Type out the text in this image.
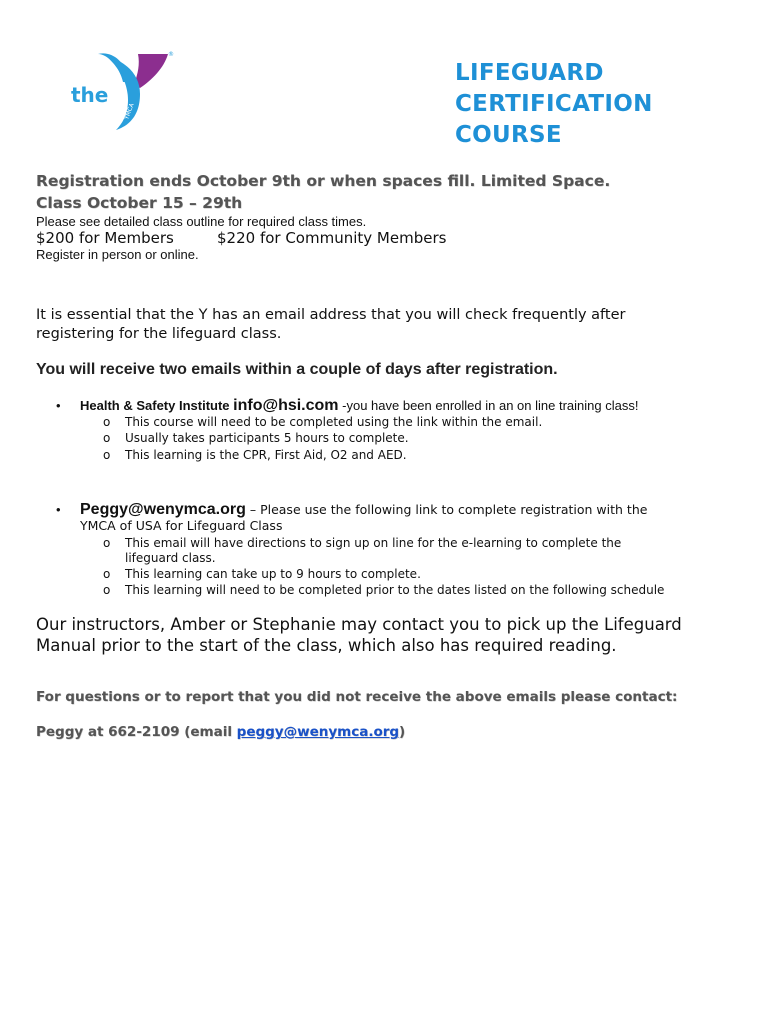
the
YMCA
®
LIFEGUARD
CERTIFICATION
COURSE
Registration ends October 9th or when spaces fill. Limited Space.
Class October 15 – 29th
Please see detailed class outline for required class times.
$200 for Members	$220 for Community Members
Register in person or online.
It is essential that the Y has an email address that you will check frequently after registering for the lifeguard class.
You will receive two emails within a couple of days after registration.
• Health & Safety Institute info@hsi.com -you have been enrolled in an on line training class!
o This course will need to be completed using the link within the email.
o Usually takes participants 5 hours to complete.
o This learning is the CPR, First Aid, O2 and AED.
• Peggy@wenymca.org – Please use the following link to complete registration with the
YMCA of USA for Lifeguard Class
o This email will have directions to sign up on line for the e-learning to complete the
lifeguard class.
o This learning can take up to 9 hours to complete.
o This learning will need to be completed prior to the dates listed on the following schedule
Our instructors, Amber or Stephanie may contact you to pick up the Lifeguard Manual prior to the start of the class, which also has required reading.
For questions or to report that you did not receive the above emails please contact:
Peggy at 662-2109 (email peggy@wenymca.org)
